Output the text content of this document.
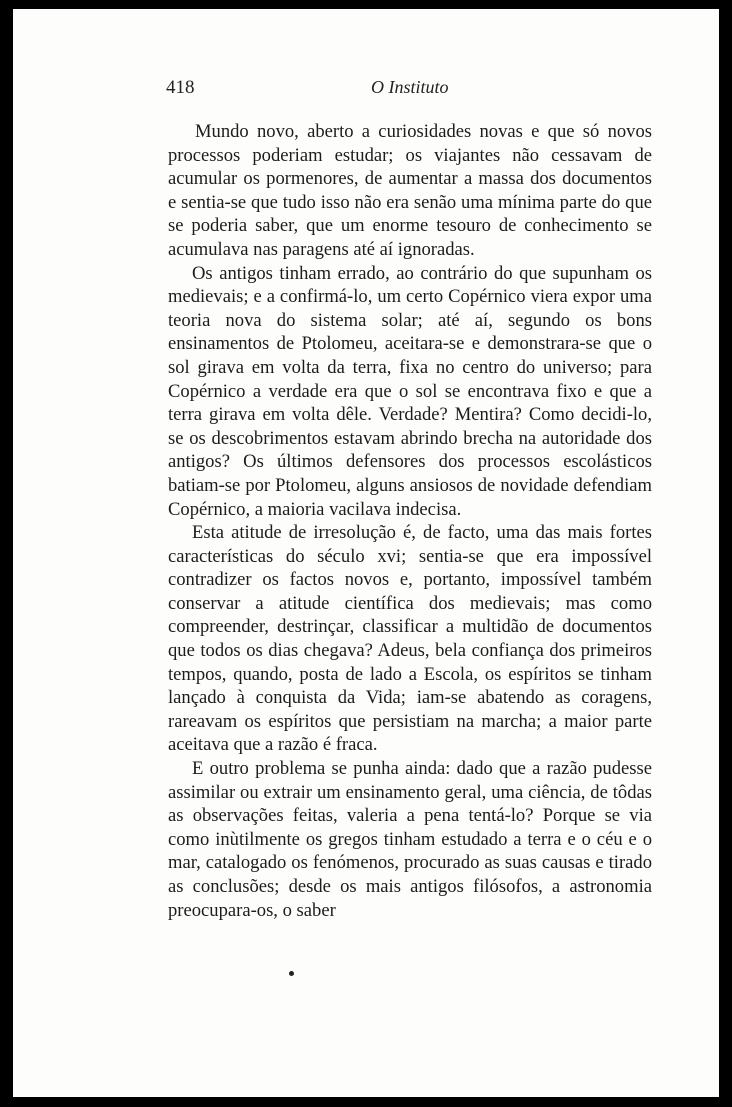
418	O Instituto

Mundo novo, aberto a curiosidades novas e que só novos processos poderiam estudar; os viajantes não cessavam de acumular os pormenores, de aumentar a massa dos documentos e sentia-se que tudo isso não era senão uma mínima parte do que se poderia saber, que um enorme tesouro de conhecimento se acumulava nas paragens até aí ignoradas.

Os antigos tinham errado, ao contrário do que supunham os medievais; e a confirmá-lo, um certo Copérnico viera expor uma teoria nova do sistema solar; até aí, segundo os bons ensinamentos de Ptolomeu, aceitara-se e demonstrara-se que o sol girava em volta da terra, fixa no centro do universo; para Copérnico a verdade era que o sol se encontrava fixo e que a terra girava em volta dêle. Verdade? Mentira? Como decidi-lo, se os descobrimentos estavam abrindo brecha na autoridade dos antigos? Os últimos defensores dos processos escolásticos batiam-se por Ptolomeu, alguns ansiosos de novidade defendiam Copérnico, a maioria vacilava indecisa.

Esta atitude de irresolução é, de facto, uma das mais fortes características do século xvi; sentia-se que era impossível contradizer os factos novos e, portanto, impossível também conservar a atitude científica dos medievais; mas como compreender, destrinçar, classificar a multidão de documentos que todos os dias chegava? Adeus, bela confiança dos primeiros tempos, quando, posta de lado a Escola, os espíritos se tinham lançado à conquista da Vida; iam-se abatendo as coragens, rareavam os espíritos que persistiam na marcha; a maior parte aceitava que a razão é fraca.

E outro problema se punha ainda: dado que a razão pudesse assimilar ou extrair um ensinamento geral, uma ciência, de tôdas as observações feitas, valeria a pena tentá-lo? Porque se via como inùtilmente os gregos tinham estudado a terra e o céu e o mar, catalogado os fenómenos, procurado as suas causas e tirado as conclusões; desde os mais antigos filósofos, a astronomia preocupara-os, o saber
